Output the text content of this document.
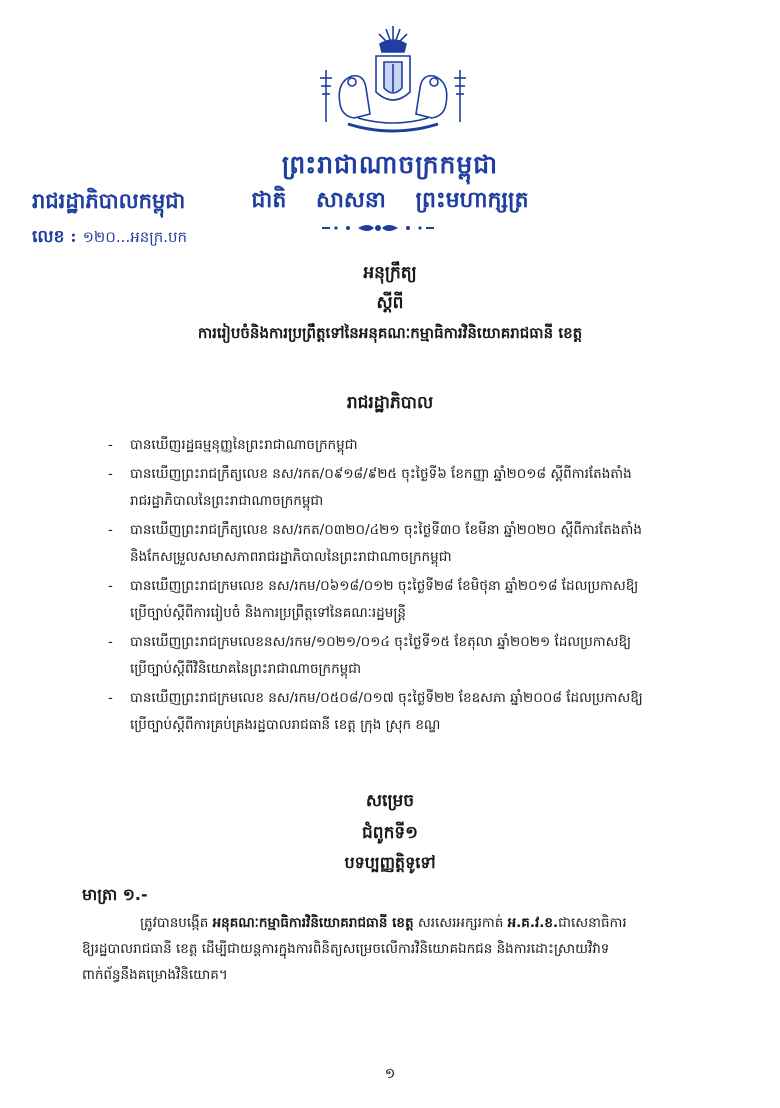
ព្រះរាជាណាចក្រកម្ពុជា
ជាតិ សាសនា ព្រះមហាក្សត្រ
រាជរដ្ឋាភិបាលកម្ពុជា
លេខ : ១២០...អនក្រ.បក
អនុក្រឹត្យ
ស្ដីពី
ការរៀបចំនិងការប្រព្រឹត្តទៅនៃអនុគណៈកម្មាធិការវិនិយោគរាជធានី ខេត្ត
រាជរដ្ឋាភិបាល
- បានឃើញរដ្ឋធម្មនុញ្ញនៃព្រះរាជាណាចក្រកម្ពុជា
- បានឃើញព្រះរាជក្រឹត្យលេខ នស/រកត/០៩១៨/៩២៥ ចុះថ្ងៃទី៦ ខែកញ្ញា ឆ្នាំ២០១៨ ស្ដីពីការតែងតាំង
រាជរដ្ឋាភិបាលនៃព្រះរាជាណាចក្រកម្ពុជា
- បានឃើញព្រះរាជក្រឹត្យលេខ នស/រកត/០៣២០/៤២១ ចុះថ្ងៃទី៣០ ខែមីនា ឆ្នាំ២០២០ ស្ដីពីការតែងតាំង
និងកែសម្រួលសមាសភាពរាជរដ្ឋាភិបាលនៃព្រះរាជាណាចក្រកម្ពុជា
- បានឃើញព្រះរាជក្រមលេខ នស/រកម/០៦១៨/០១២ ចុះថ្ងៃទី២៨ ខែមិថុនា ឆ្នាំ២០១៨ ដែលប្រកាសឱ្យ
ប្រើច្បាប់ស្ដីពីការរៀបចំ និងការប្រព្រឹត្តទៅនៃគណៈរដ្ឋមន្ត្រី
- បានឃើញព្រះរាជក្រមលេខនស/រកម/១០២១/០១៤ ចុះថ្ងៃទី១៥ ខែតុលា ឆ្នាំ២០២១ ដែលប្រកាសឱ្យ
ប្រើច្បាប់ស្ដីពីវិនិយោគនៃព្រះរាជាណាចក្រកម្ពុជា
- បានឃើញព្រះរាជក្រមលេខ នស/រកម/០៥០៨/០១៧ ចុះថ្ងៃទី២២ ខែឧសភា ឆ្នាំ២០០៨ ដែលប្រកាសឱ្យ
ប្រើច្បាប់ស្ដីពីការគ្រប់គ្រងរដ្ឋបាលរាជធានី ខេត្ត ក្រុង ស្រុក ខណ្ឌ
សម្រេច
ជំពូកទី១
បទប្បញ្ញត្តិទូទៅ
មាត្រា ១.-
ត្រូវបានបង្កើត អនុគណៈកម្មាធិការវិនិយោគរាជធានី ខេត្ត សរសេរអក្សរកាត់ អ.គ.វ.ខ.ជាសេនាធិការ
ឱ្យរដ្ឋបាលរាជធានី ខេត្ត ដើម្បីជាយន្តការក្នុងការពិនិត្យសម្រេចលើការវិនិយោគឯកជន និងការដោះស្រាយវិវាទ
ពាក់ព័ន្ធនឹងគម្រោងវិនិយោគ។
១
